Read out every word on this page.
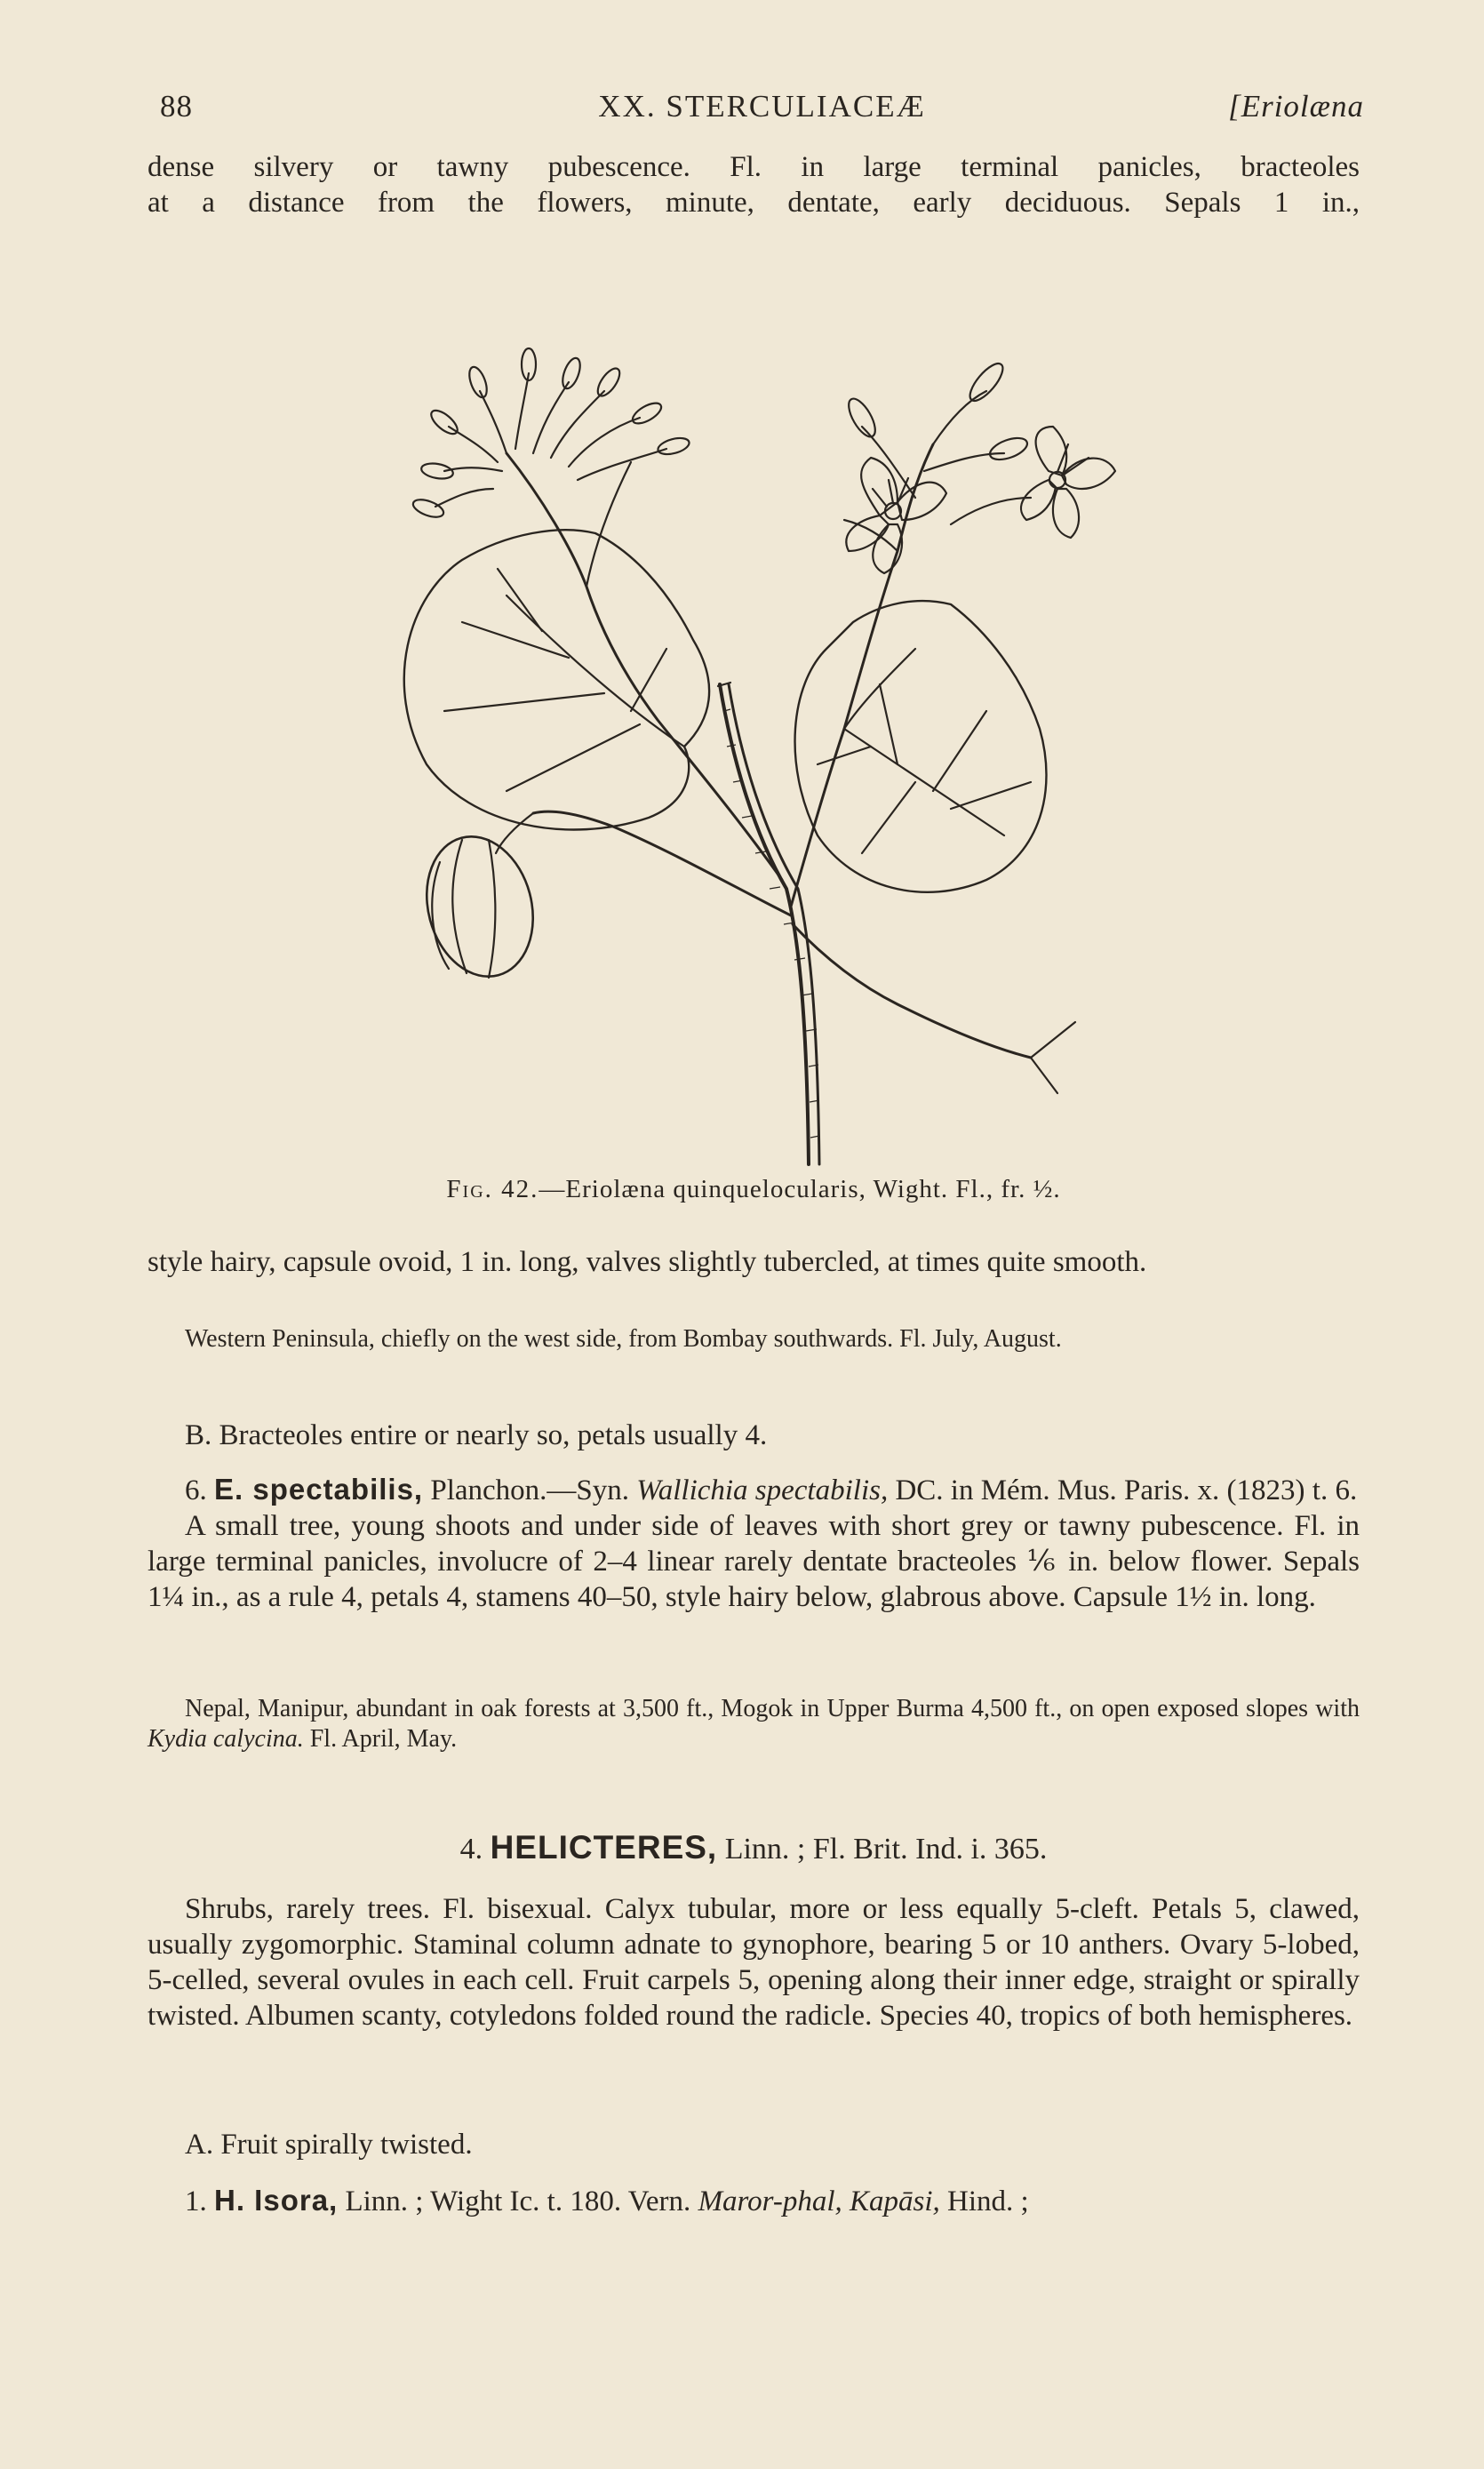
88	XX. STERCULIACEÆ	[Eriolæna

dense silvery or tawny pubescence. Fl. in large terminal panicles, bracteoles

at a distance from the flowers, minute, dentate, early deciduous. Sepals 1 in.,

Fig. 42.—Eriolæna quinquelocularis, Wight. Fl., fr. ½.

style hairy, capsule ovoid, 1 in. long, valves slightly tubercled, at times quite smooth.

Western Peninsula, chiefly on the west side, from Bombay southwards. Fl. July, August.

B. Bracteoles entire or nearly so, petals usually 4.

6. E. spectabilis, Planchon.—Syn. Wallichia spectabilis, DC. in Mém. Mus. Paris. x. (1823) t. 6.

A small tree, young shoots and under side of leaves with short grey or tawny pubescence. Fl. in large terminal panicles, involucre of 2–4 linear rarely dentate bracteoles ⅙ in. below flower. Sepals 1¼ in., as a rule 4, petals 4, stamens 40–50, style hairy below, glabrous above. Capsule 1½ in. long.

Nepal, Manipur, abundant in oak forests at 3,500 ft., Mogok in Upper Burma 4,500 ft., on open exposed slopes with Kydia calycina. Fl. April, May.

4. HELICTERES, Linn. ; Fl. Brit. Ind. i. 365.

Shrubs, rarely trees. Fl. bisexual. Calyx tubular, more or less equally 5-cleft. Petals 5, clawed, usually zygomorphic. Staminal column adnate to gynophore, bearing 5 or 10 anthers. Ovary 5-lobed, 5-celled, several ovules in each cell. Fruit carpels 5, opening along their inner edge, straight or spirally twisted. Albumen scanty, cotyledons folded round the radicle. Species 40, tropics of both hemispheres.

A. Fruit spirally twisted.

1. H. Isora, Linn. ; Wight Ic. t. 180. Vern. Maror-phal, Kapāsi, Hind. ;
